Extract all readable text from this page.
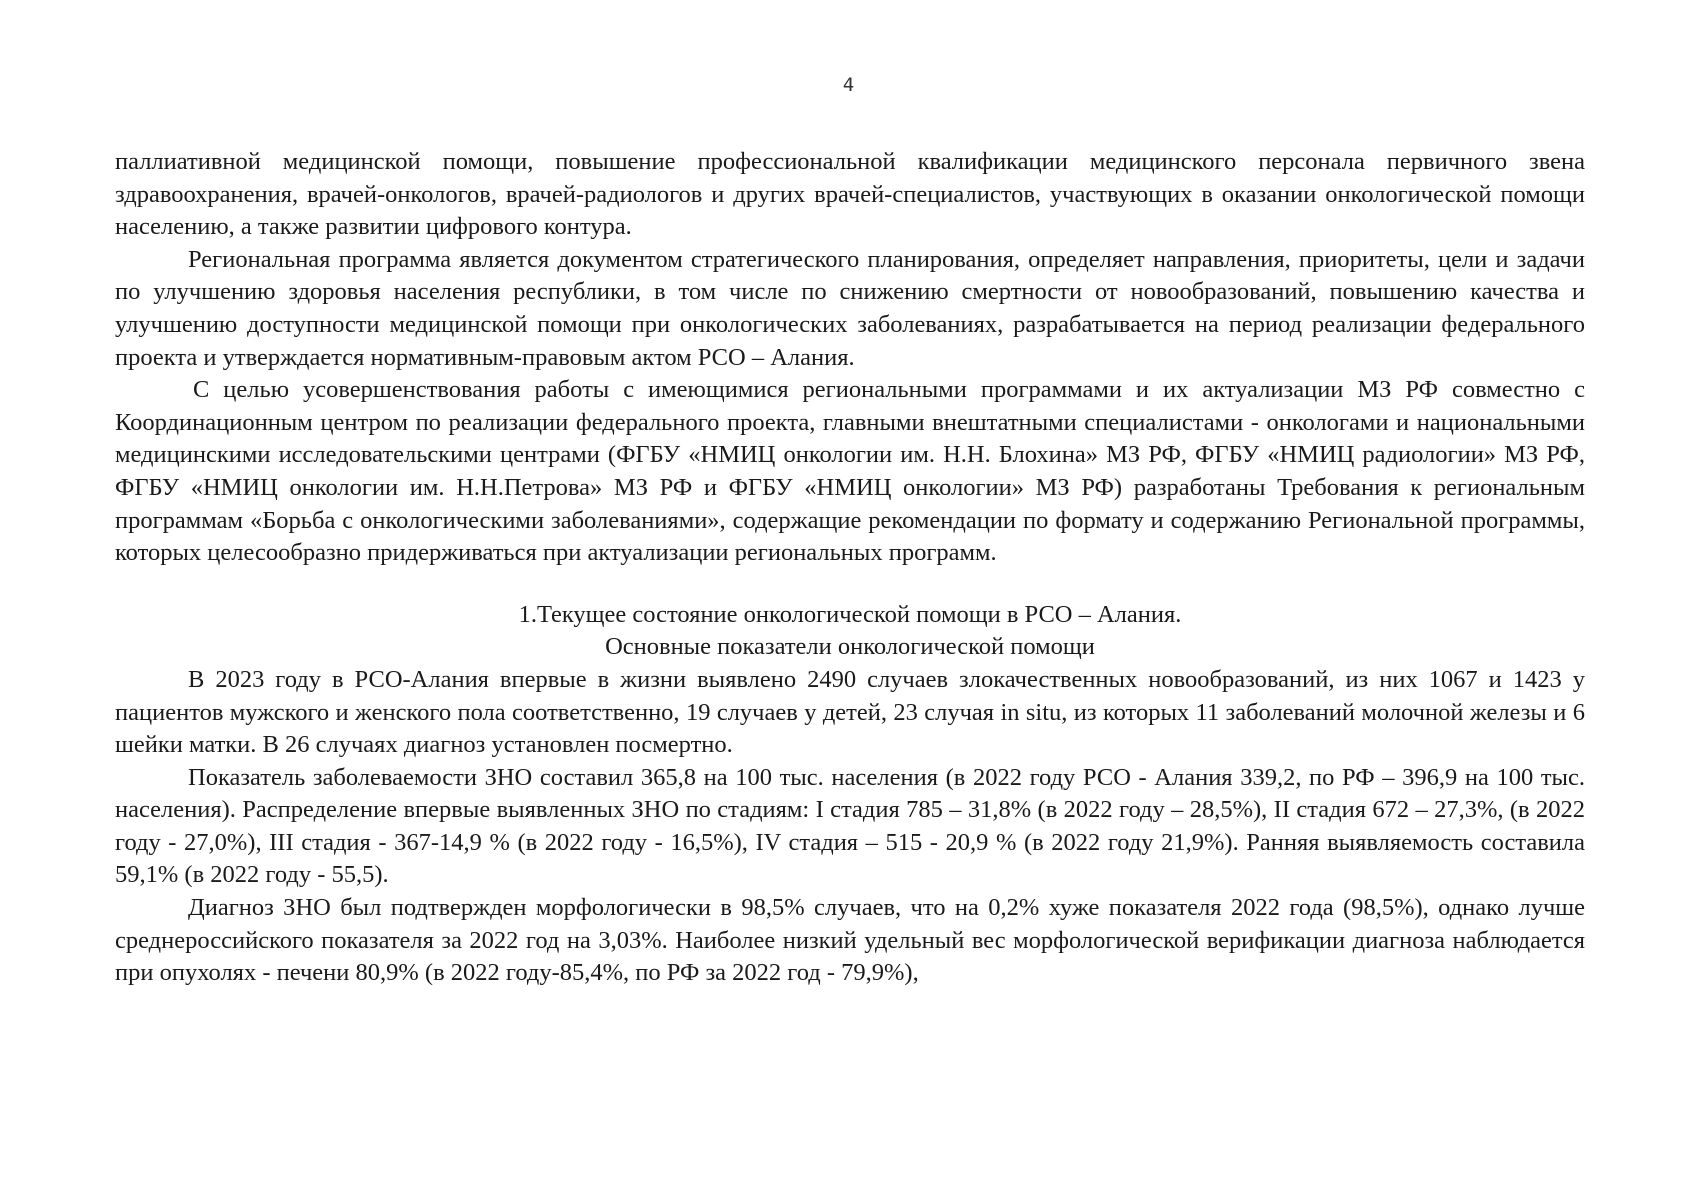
4

паллиативной медицинской помощи, повышение профессиональной квалификации медицинского персонала первичного звена здравоохранения, врачей-онкологов, врачей-радиологов и других врачей-специалистов, участвующих в оказании онкологической помощи населению, а также развитии цифрового контура.

Региональная программа является документом стратегического планирования, определяет направления, приоритеты, цели и задачи по улучшению здоровья населения республики, в том числе по снижению смертности от новообразований, повышению качества и улучшению доступности медицинской помощи при онкологических заболеваниях, разрабатывается на период реализации федерального проекта и утверждается нормативным-правовым актом РСО – Алания.

С целью усовершенствования работы с имеющимися региональными программами и их актуализации МЗ РФ совместно с Координационным центром по реализации федерального проекта, главными внештатными специалистами - онкологами и национальными медицинскими исследовательскими центрами (ФГБУ «НМИЦ онкологии им. Н.Н. Блохина» МЗ РФ, ФГБУ «НМИЦ радиологии» МЗ РФ, ФГБУ «НМИЦ онкологии им. Н.Н.Петрова» МЗ РФ и ФГБУ «НМИЦ онкологии» МЗ РФ) разработаны Требования к региональным программам «Борьба с онкологическими заболеваниями», содержащие рекомендации по формату и содержанию Региональной программы, которых целесообразно придерживаться при актуализации региональных программ.

1.Текущее состояние онкологической помощи в РСО – Алания.
Основные показатели онкологической помощи

В 2023 году в РСО-Алания впервые в жизни выявлено 2490 случаев злокачественных новообразований, из них 1067 и 1423 у пациентов мужского и женского пола соответственно, 19 случаев у детей, 23 случая in situ, из которых 11 заболеваний молочной железы и 6 шейки матки. В 26 случаях диагноз установлен посмертно.

Показатель заболеваемости ЗНО составил 365,8 на 100 тыс. населения (в 2022 году РСО - Алания 339,2, по РФ – 396,9 на 100 тыс. населения). Распределение впервые выявленных ЗНО по стадиям: I стадия 785 – 31,8% (в 2022 году – 28,5%), II стадия 672 – 27,3%, (в 2022 году - 27,0%), III стадия - 367-14,9 % (в 2022 году - 16,5%), IV стадия – 515 - 20,9 % (в 2022 году 21,9%). Ранняя выявляемость составила 59,1% (в 2022 году - 55,5).

Диагноз ЗНО был подтвержден морфологически в 98,5% случаев, что на 0,2% хуже показателя 2022 года (98,5%), однако лучше среднероссийского показателя за 2022 год на 3,03%. Наиболее низкий удельный вес морфологической верификации диагноза наблюдается при опухолях - печени 80,9% (в 2022 году-85,4%, по РФ за 2022 год - 79,9%),
